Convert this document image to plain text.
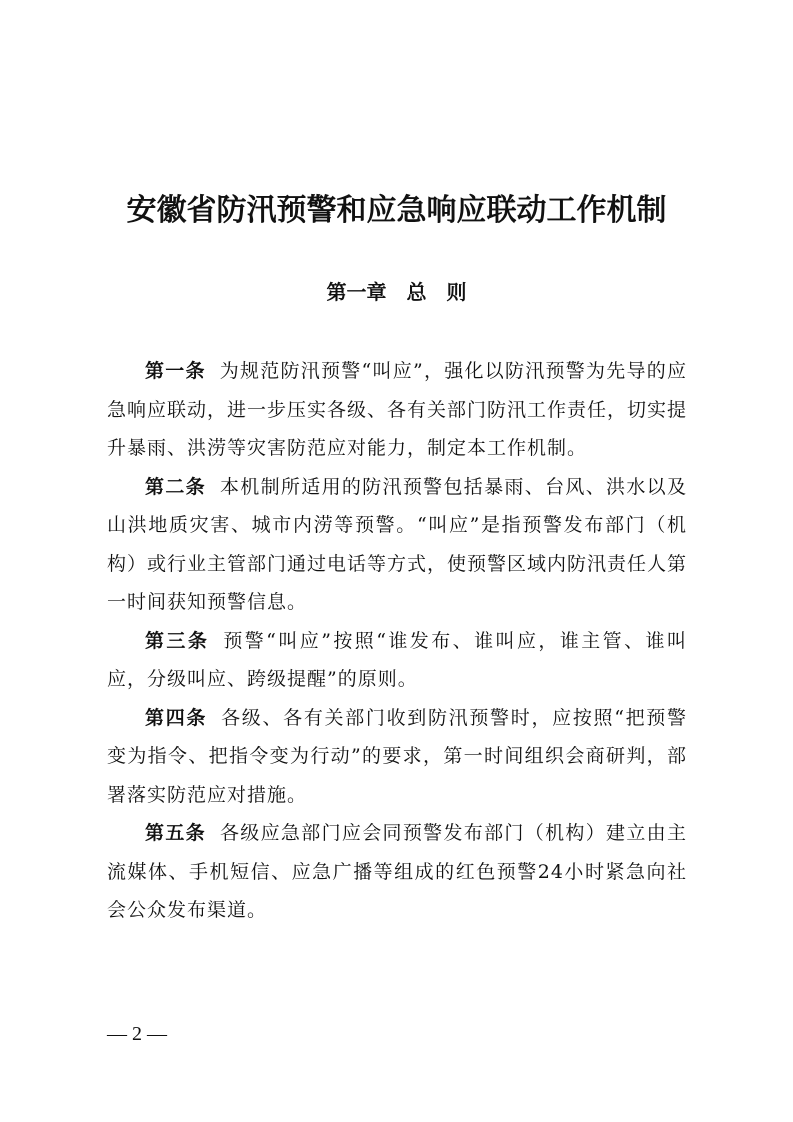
安徽省防汛预警和应急响应联动工作机制
第一章　总　则

第一条 为规范防汛预警“叫应”，强化以防汛预警为先导的应急响应联动，进一步压实各级、各有关部门防汛工作责任，切实提升暴雨、洪涝等灾害防范应对能力，制定本工作机制。

第二条 本机制所适用的防汛预警包括暴雨、台风、洪水以及山洪地质灾害、城市内涝等预警。“叫应”是指预警发布部门（机构）或行业主管部门通过电话等方式，使预警区域内防汛责任人第一时间获知预警信息。

第三条 预警“叫应”按照“谁发布、谁叫应，谁主管、谁叫应，分级叫应、跨级提醒”的原则。

第四条 各级、各有关部门收到防汛预警时，应按照“把预警变为指令、把指令变为行动”的要求，第一时间组织会商研判，部署落实防范应对措施。

第五条 各级应急部门应会同预警发布部门（机构）建立由主流媒体、手机短信、应急广播等组成的红色预警24小时紧急向社会公众发布渠道。

— 2 —
